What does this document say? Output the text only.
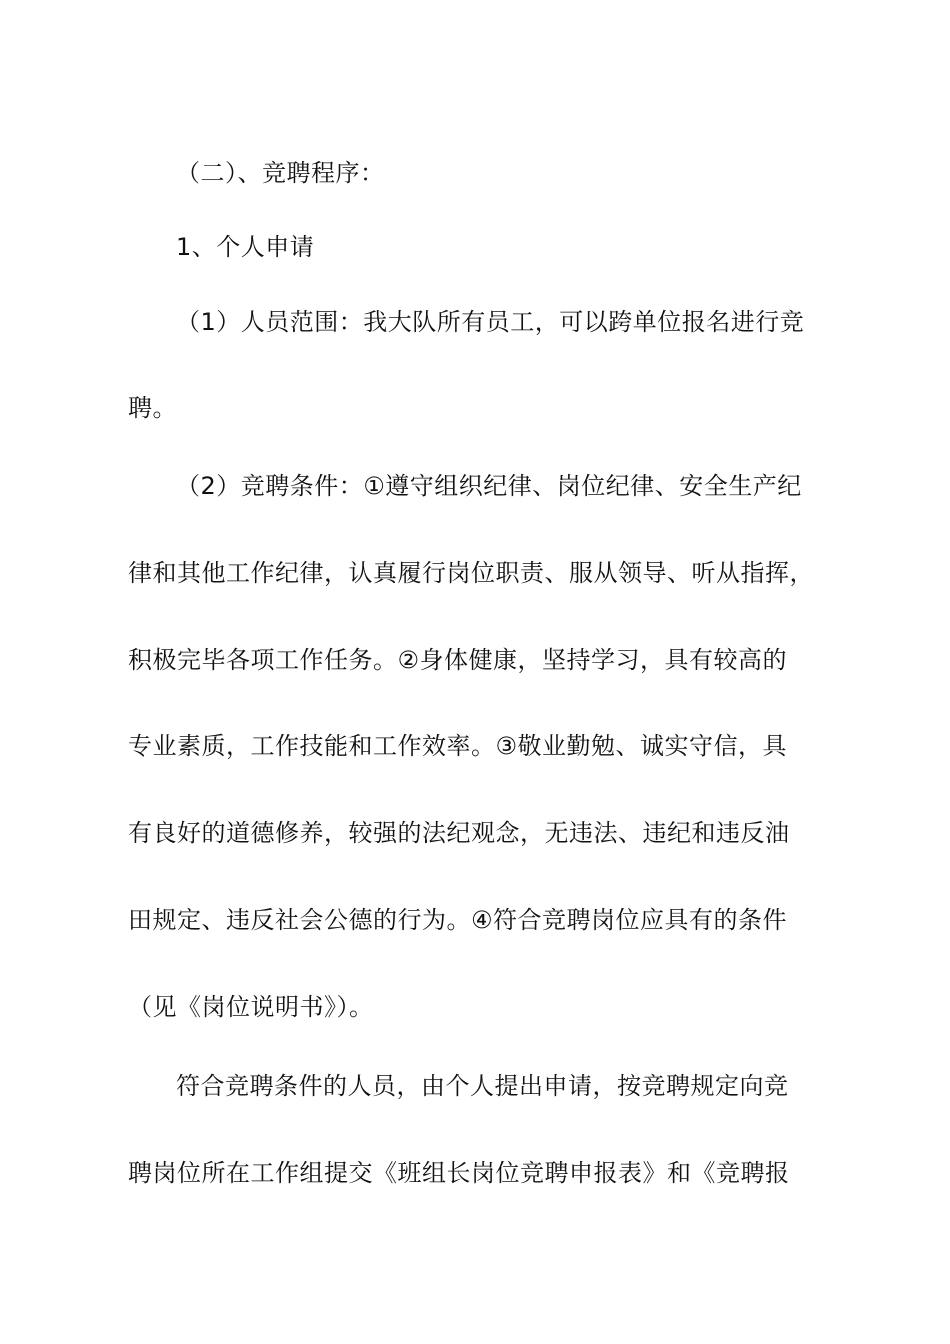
（二）、竞聘程序：
1、个人申请
（1）人员范围：我大队所有员工，可以跨单位报名进行竞
聘。
（2）竞聘条件：①遵守组织纪律、岗位纪律、安全生产纪
律和其他工作纪律，认真履行岗位职责、服从领导、听从指挥，
积极完毕各项工作任务。②身体健康，坚持学习，具有较高的
专业素质，工作技能和工作效率。③敬业勤勉、诚实守信，具
有良好的道德修养，较强的法纪观念，无违法、违纪和违反油
田规定、违反社会公德的行为。④符合竞聘岗位应具有的条件
（见《岗位说明书》）。
符合竞聘条件的人员，由个人提出申请，按竞聘规定向竞
聘岗位所在工作组提交《班组长岗位竞聘申报表》和《竞聘报
